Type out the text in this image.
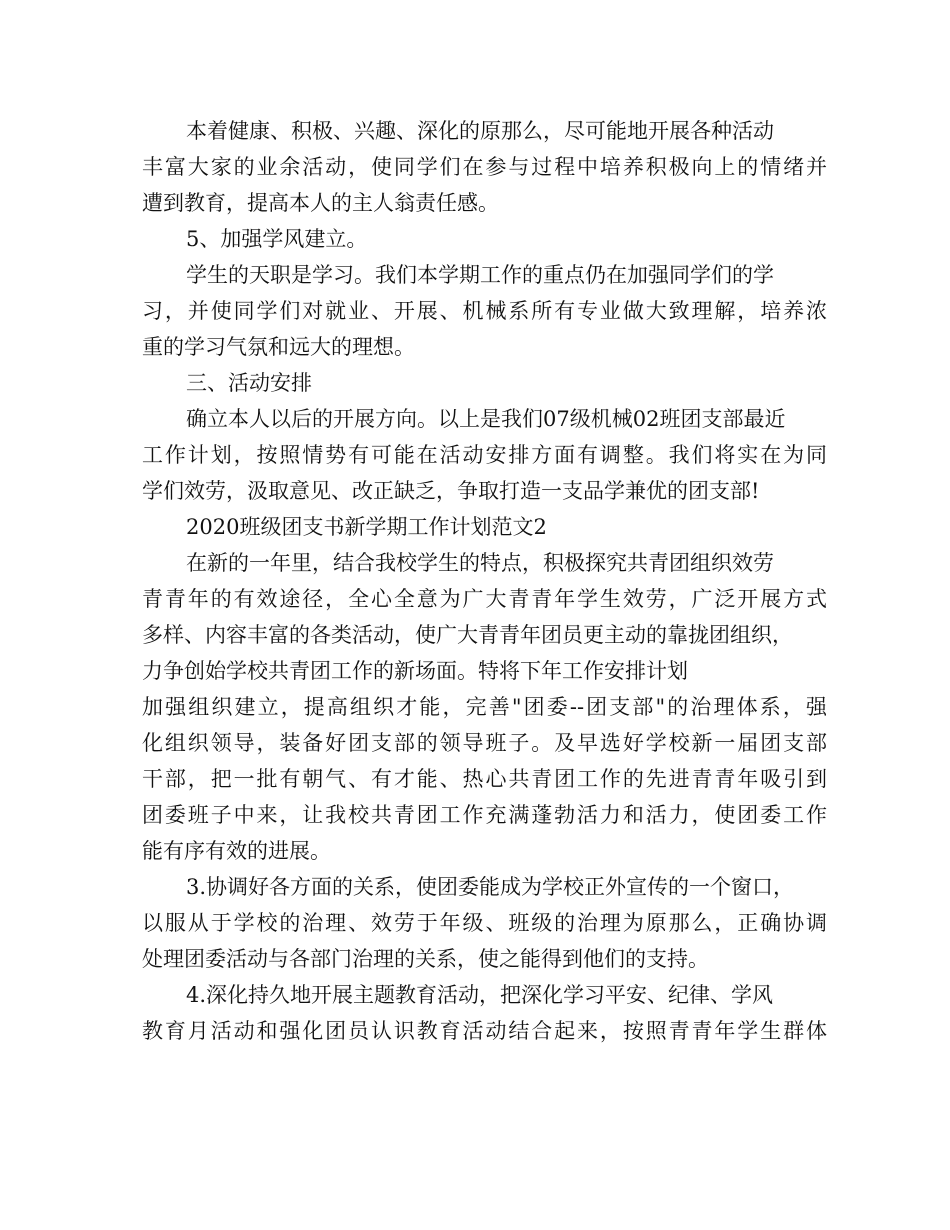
本着健康、积极、兴趣、深化的原那么，尽可能地开展各种活动
丰富大家的业余活动，使同学们在参与过程中培养积极向上的情绪并
遭到教育，提高本人的主人翁责任感。
5、加强学风建立。
学生的天职是学习。我们本学期工作的重点仍在加强同学们的学
习，并使同学们对就业、开展、机械系所有专业做大致理解，培养浓
重的学习气氛和远大的理想。
三、活动安排
确立本人以后的开展方向。以上是我们07级机械02班团支部最近
工作计划，按照情势有可能在活动安排方面有调整。我们将实在为同
学们效劳，汲取意见、改正缺乏，争取打造一支品学兼优的团支部!
2020班级团支书新学期工作计划范文2
在新的一年里，结合我校学生的特点，积极探究共青团组织效劳
青青年的有效途径，全心全意为广大青青年学生效劳，广泛开展方式
多样、内容丰富的各类活动，使广大青青年团员更主动的靠拢团组织，
力争创始学校共青团工作的新场面。特将下年工作安排计划
加强组织建立，提高组织才能，完善"团委--团支部"的治理体系，强
化组织领导，装备好团支部的领导班子。及早选好学校新一届团支部
干部，把一批有朝气、有才能、热心共青团工作的先进青青年吸引到
团委班子中来，让我校共青团工作充满蓬勃活力和活力，使团委工作
能有序有效的进展。
3.协调好各方面的关系，使团委能成为学校正外宣传的一个窗口，
以服从于学校的治理、效劳于年级、班级的治理为原那么，正确协调
处理团委活动与各部门治理的关系，使之能得到他们的支持。
4.深化持久地开展主题教育活动，把深化学习平安、纪律、学风
教育月活动和强化团员认识教育活动结合起来，按照青青年学生群体
